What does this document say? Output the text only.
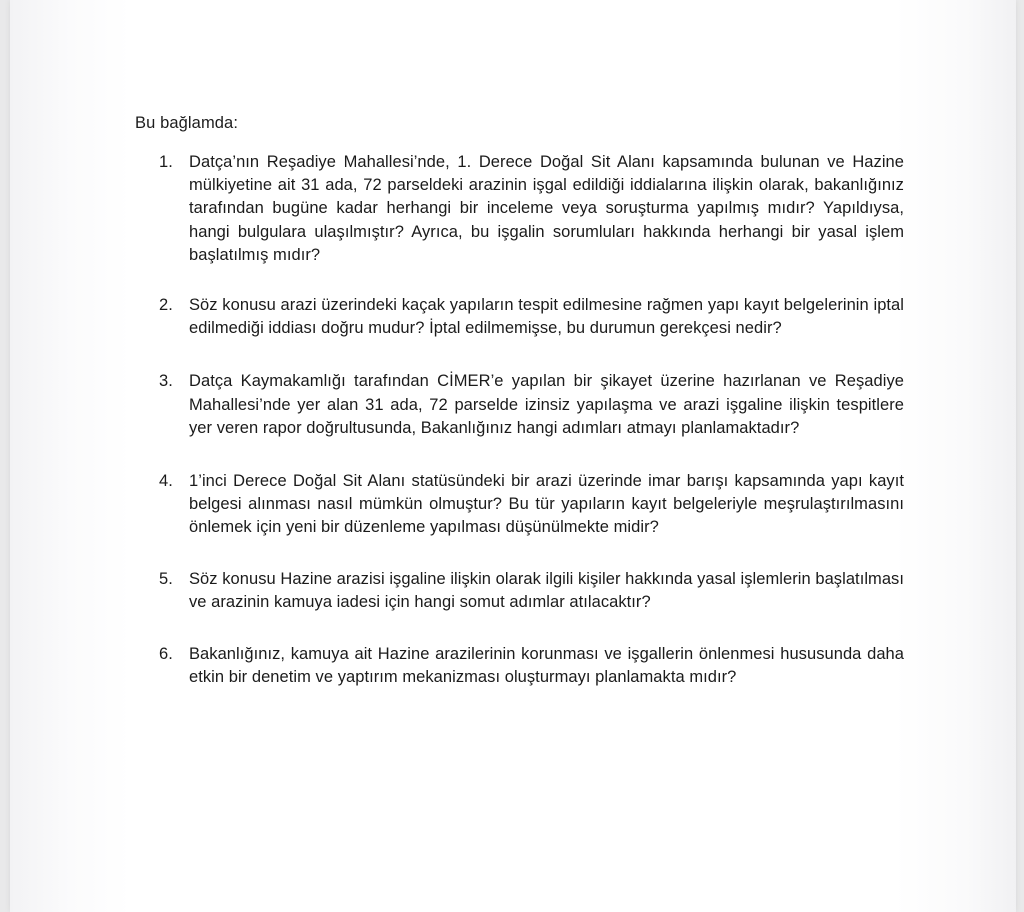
Bu bağlamda:

1. Datça’nın Reşadiye Mahallesi’nde, 1. Derece Doğal Sit Alanı kapsamında bulunan ve Hazine mülkiyetine ait 31 ada, 72 parseldeki arazinin işgal edildiği iddialarına ilişkin olarak, bakanlığınız tarafından bugüne kadar herhangi bir inceleme veya soruşturma yapılmış mıdır? Yapıldıysa, hangi bulgulara ulaşılmıştır? Ayrıca, bu işgalin sorumluları hakkında herhangi bir yasal işlem başlatılmış mıdır?
2. Söz konusu arazi üzerindeki kaçak yapıların tespit edilmesine rağmen yapı kayıt belgelerinin iptal edilmediği iddiası doğru mudur? İptal edilmemişse, bu durumun gerekçesi nedir?
3. Datça Kaymakamlığı tarafından CİMER’e yapılan bir şikayet üzerine hazırlanan ve Reşadiye Mahallesi’nde yer alan 31 ada, 72 parselde izinsiz yapılaşma ve arazi işgaline ilişkin tespitlere yer veren rapor doğrultusunda, Bakanlığınız hangi adımları atmayı planlamaktadır?
4. 1’inci Derece Doğal Sit Alanı statüsündeki bir arazi üzerinde imar barışı kapsamında yapı kayıt belgesi alınması nasıl mümkün olmuştur? Bu tür yapıların kayıt belgeleriyle meşrulaştırılmasını önlemek için yeni bir düzenleme yapılması düşünülmekte midir?
5. Söz konusu Hazine arazisi işgaline ilişkin olarak ilgili kişiler hakkında yasal işlemlerin başlatılması ve arazinin kamuya iadesi için hangi somut adımlar atılacaktır?
6. Bakanlığınız, kamuya ait Hazine arazilerinin korunması ve işgallerin önlenmesi hususunda daha etkin bir denetim ve yaptırım mekanizması oluşturmayı planlamakta mıdır?
